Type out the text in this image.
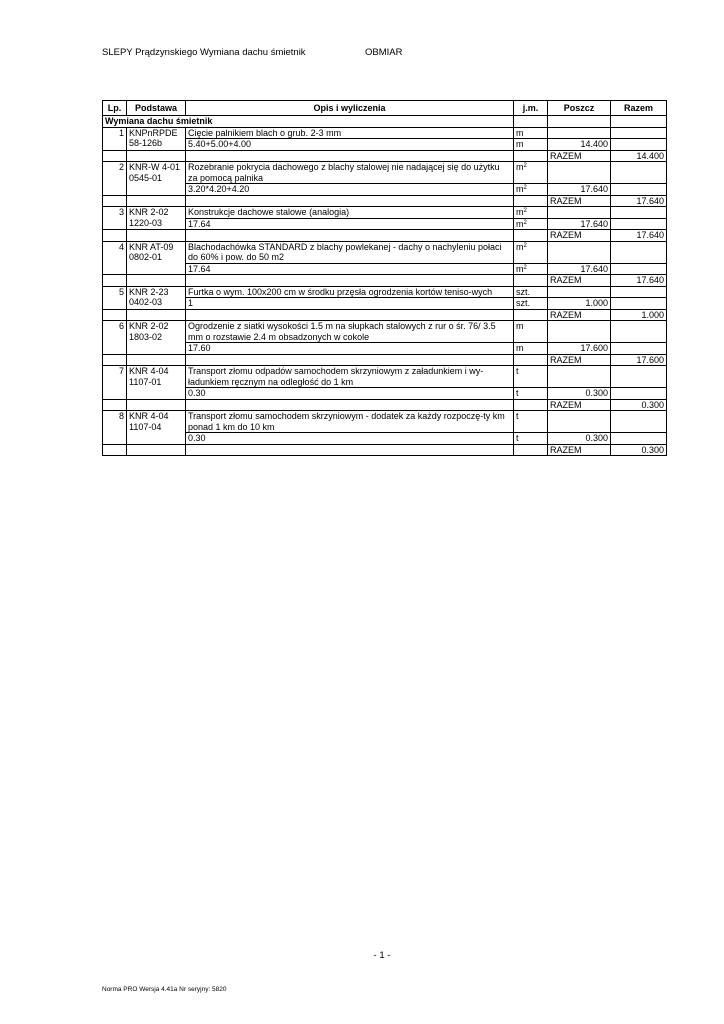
SLEPY Prądzynskiego Wymiana dachu śmietnik	OBMIAR
Lp.	Podstawa	Opis i wyliczenia	j.m.	Poszcz	Razem
Wymiana dachu śmietnik					
1	KNPnRPDE 58-126b	Cięcie palnikiem blach o grub. 2-3 mm	m		
		5.40+5.00+4.00	m	14.400	
				RAZEM	14.400
2	KNR-W 4-01 0545-01	Rozebranie pokrycia dachowego z blachy stalowej nie nadającej się do użytku za pomocą palnika	$m^2$		
		3.20*4.20+4.20	$m^2$	17.640	
				RAZEM	17.640
3	KNR 2-02 1220-03	Konstrukcje dachowe stalowe (analogia)	$m^2$		
		17.64	$m^2$	17.640	
				RAZEM	17.640
4	KNR AT-09 0802-01	Blachodachówka STANDARD z blachy powlekanej - dachy o nachyleniu połaci do 60% i pow. do 50 m2	$m^2$		
		17.64	$m^2$	17.640	
				RAZEM	17.640
5	KNR 2-23 0402-03	Furtka o wym. 100x200 cm w środku przęsła ogrodzenia kortów teniso-wych	szt.		
		1	szt.	1.000	
				RAZEM	1.000
6	KNR 2-02 1803-02	Ogrodzenie z siatki wysokości 1.5 m na słupkach stalowych z rur o śr. 76/ 3.5 mm o rozstawie 2.4 m obsadzonych w cokole	m		
		17.60	m	17.600	
				RAZEM	17.600
7	KNR 4-04 1107-01	Transport złomu odpadów samochodem skrzyniowym z załadunkiem i wy-ładunkiem ręcznym na odległość do 1 km	t		
		0.30	t	0.300	
				RAZEM	0.300
8	KNR 4-04 1107-04	Transport złomu samochodem skrzyniowym - dodatek za każdy rozpoczę-ty km ponad 1 km do 10 km	t		
		0.30	t	0.300	
				RAZEM	0.300
- 1 -
Norma PRO Wersja 4.41a Nr seryjny: 5820
